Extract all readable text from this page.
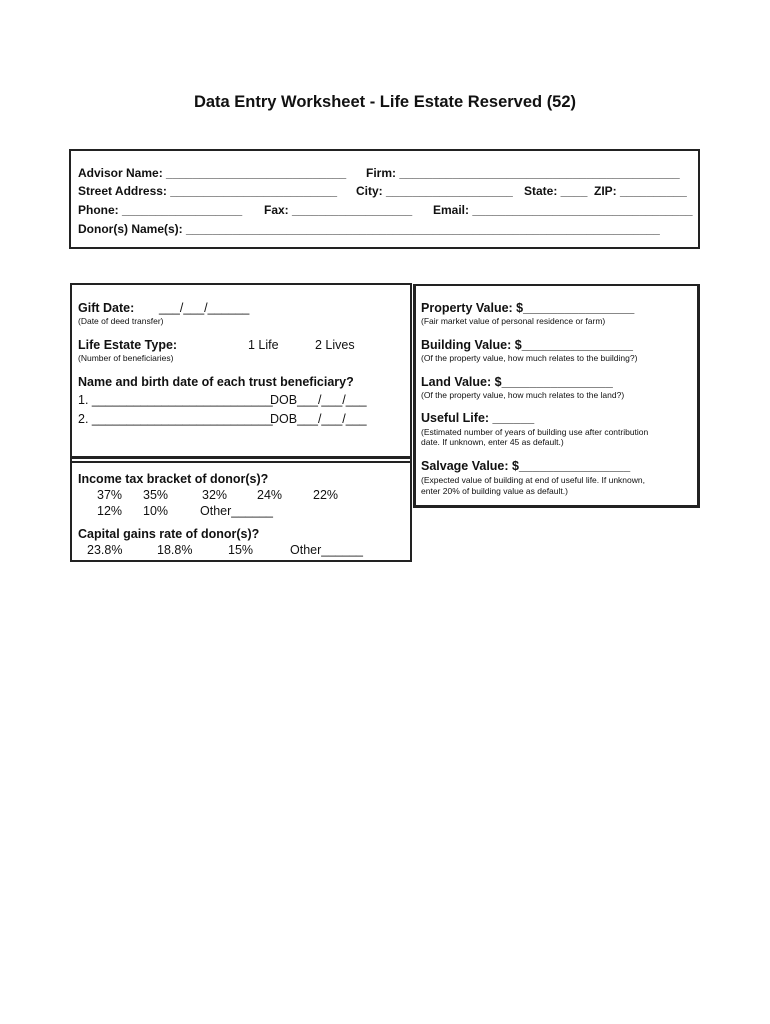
Data Entry Worksheet - Life Estate Reserved (52)
Advisor Name: ___________________________ Firm: __________________________________________
Street Address: _________________________ City: ___________________ State: ____ ZIP: __________
Phone: __________________ Fax: __________________ Email: _________________________________
Donor(s) Name(s): _______________________________________________________________________
Gift Date: ___/___/______
(Date of deed transfer)
Life Estate Type:	1 Life	2 Lives
(Number of beneficiaries)
Name and birth date of each trust beneficiary?
1. __________________________
DOB___/___/___
2. __________________________
DOB___/___/___
Income tax bracket of donor(s)?
37% 35%	32% 24% 22%
12% 10%	Other______
Capital gains rate of donor(s)?
23.8%	18.8%	15%	Other______
Property Value: $________________
(Fair market value of personal residence or farm)
Building Value: $________________
(Of the property value, how much relates to the building?)
Land Value: $________________
(Of the property value, how much relates to the land?)
Useful Life: ______
(Estimated number of years of building use after contribution
date. If unknown, enter 45 as default.)
Salvage Value: $________________
(Expected value of building at end of useful life. If unknown,
enter 20% of building value as default.)
